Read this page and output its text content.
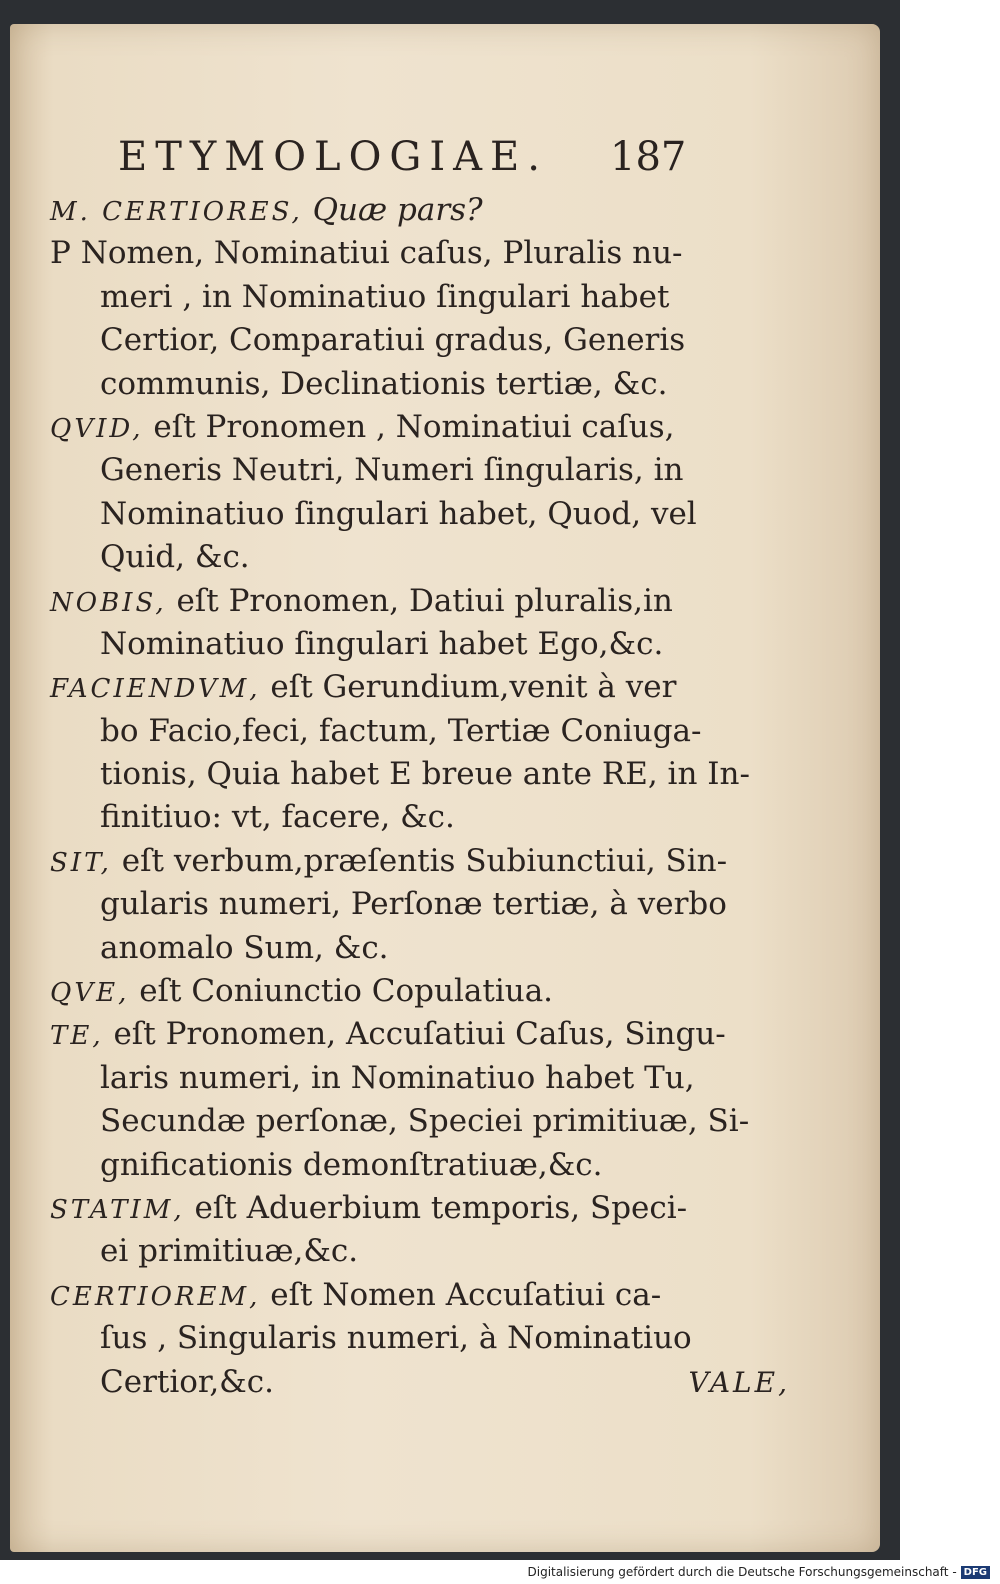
ETYMOLOGIAE. 187
M. CERTIORES, Quæ pars?
P Nomen, Nominatiui caſus, Pluralis nu-
meri , in Nominatiuo ſingulari habet
Certior, Comparatiui gradus, Generis
communis, Declinationis tertiæ, &c.
QVID, eſt Pronomen , Nominatiui caſus,
Generis Neutri, Numeri ſingularis, in
Nominatiuo ſingulari habet, Quod, vel
Quid, &c.
NOBIS, eſt Pronomen, Datiui pluralis,in
Nominatiuo ſingulari habet Ego,&c.
FACIENDVM, eſt Gerundium,venit à ver
bo Facio,feci, factum, Tertiæ Coniuga-
tionis, Quia habet E breue ante RE, in In-
finitiuo: vt, facere, &c.
SIT, eſt verbum,præſentis Subiunctiui, Sin-
gularis numeri, Perſonæ tertiæ, à verbo
anomalo Sum, &c.
QVE, eſt Coniunctio Copulatiua.
TE, eſt Pronomen, Accuſatiui Caſus, Singu-
laris numeri, in Nominatiuo habet Tu,
Secundæ perſonæ, Speciei primitiuæ, Si-
gnificationis demonſtratiuæ,&c.
STATIM, eſt Aduerbium temporis, Speci-
ei primitiuæ,&c.
CERTIOREM, eſt Nomen Accuſatiui ca-
ſus , Singularis numeri, à Nominatiuo
Certior,&c.	VALE,
Digitalisierung gefördert durch die Deutsche Forschungsgemeinschaft - DFG
